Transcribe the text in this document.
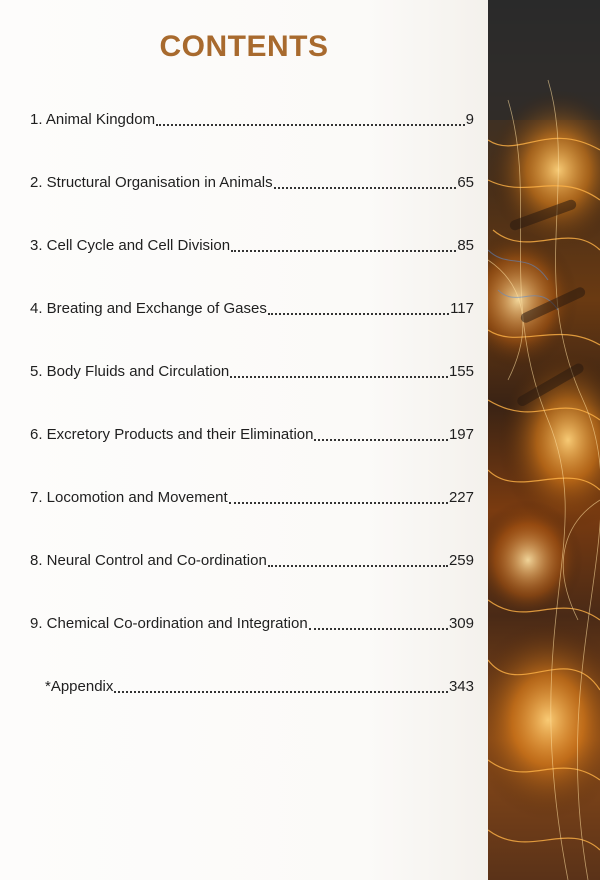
CONTENTS
1. Animal Kingdom	9
2. Structural Organisation in Animals	65
3. Cell Cycle and Cell Division	85
4. Breating and Exchange of Gases	117
5. Body Fluids and Circulation	155
6. Excretory Products and their Elimination	197
7. Locomotion and Movement	227
8. Neural Control and Co-ordination	259
9. Chemical Co-ordination and Integration	309
*Appendix	343
